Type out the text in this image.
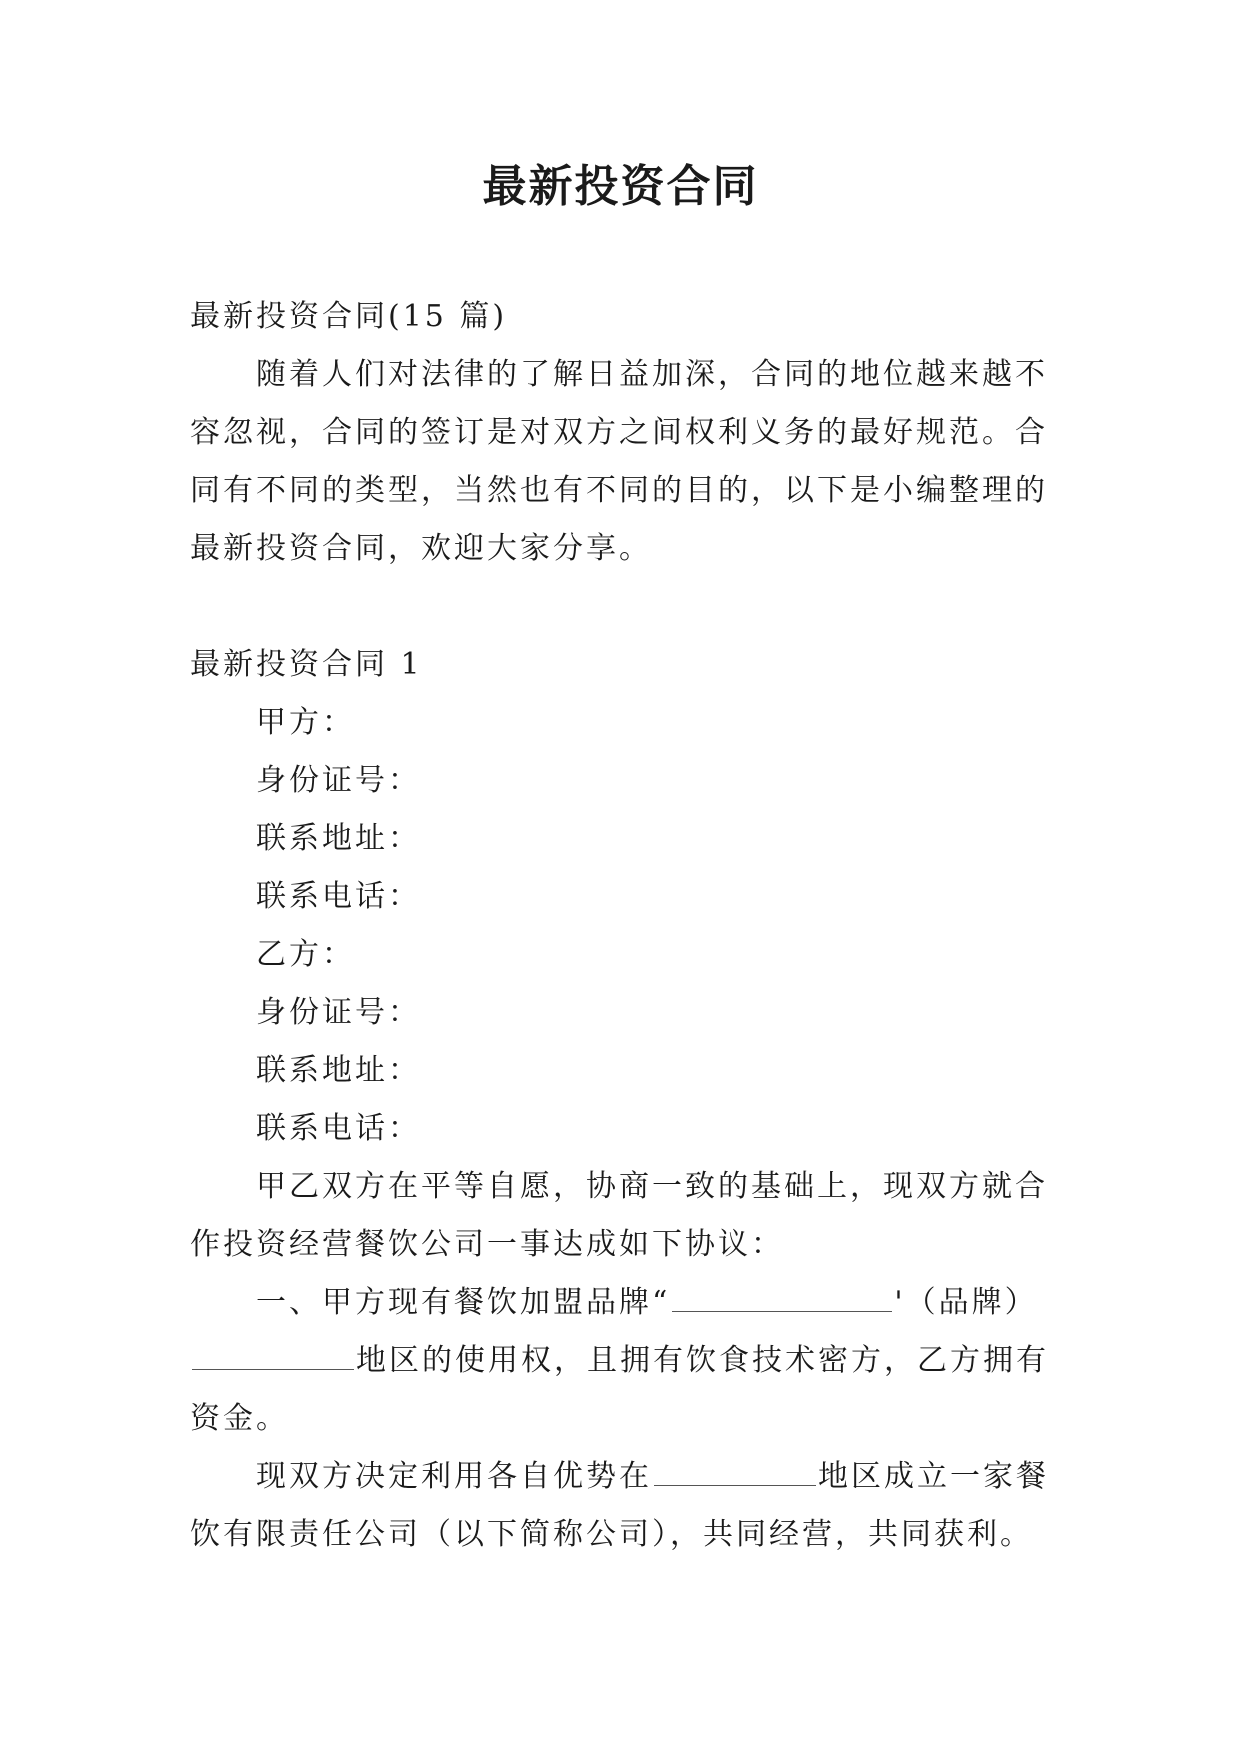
最新投资合同
最新投资合同(15 篇)
随着人们对法律的了解日益加深，合同的地位越来越不
容忽视，合同的签订是对双方之间权利义务的最好规范。合
同有不同的类型，当然也有不同的目的，以下是小编整理的
最新投资合同，欢迎大家分享。
最新投资合同 1
甲方：
身份证号：
联系地址：
联系电话：
乙方：
身份证号：
联系地址：
联系电话：
甲乙双方在平等自愿，协商一致的基础上，现双方就合
作投资经营餐饮公司一事达成如下协议：
一、甲方现有餐饮加盟品牌“	'（品牌）
地区的使用权，且拥有饮食技术密方，乙方拥有
资金。
现双方决定利用各自优势在	地区成立一家餐
饮有限责任公司（以下简称公司），共同经营，共同获利。
